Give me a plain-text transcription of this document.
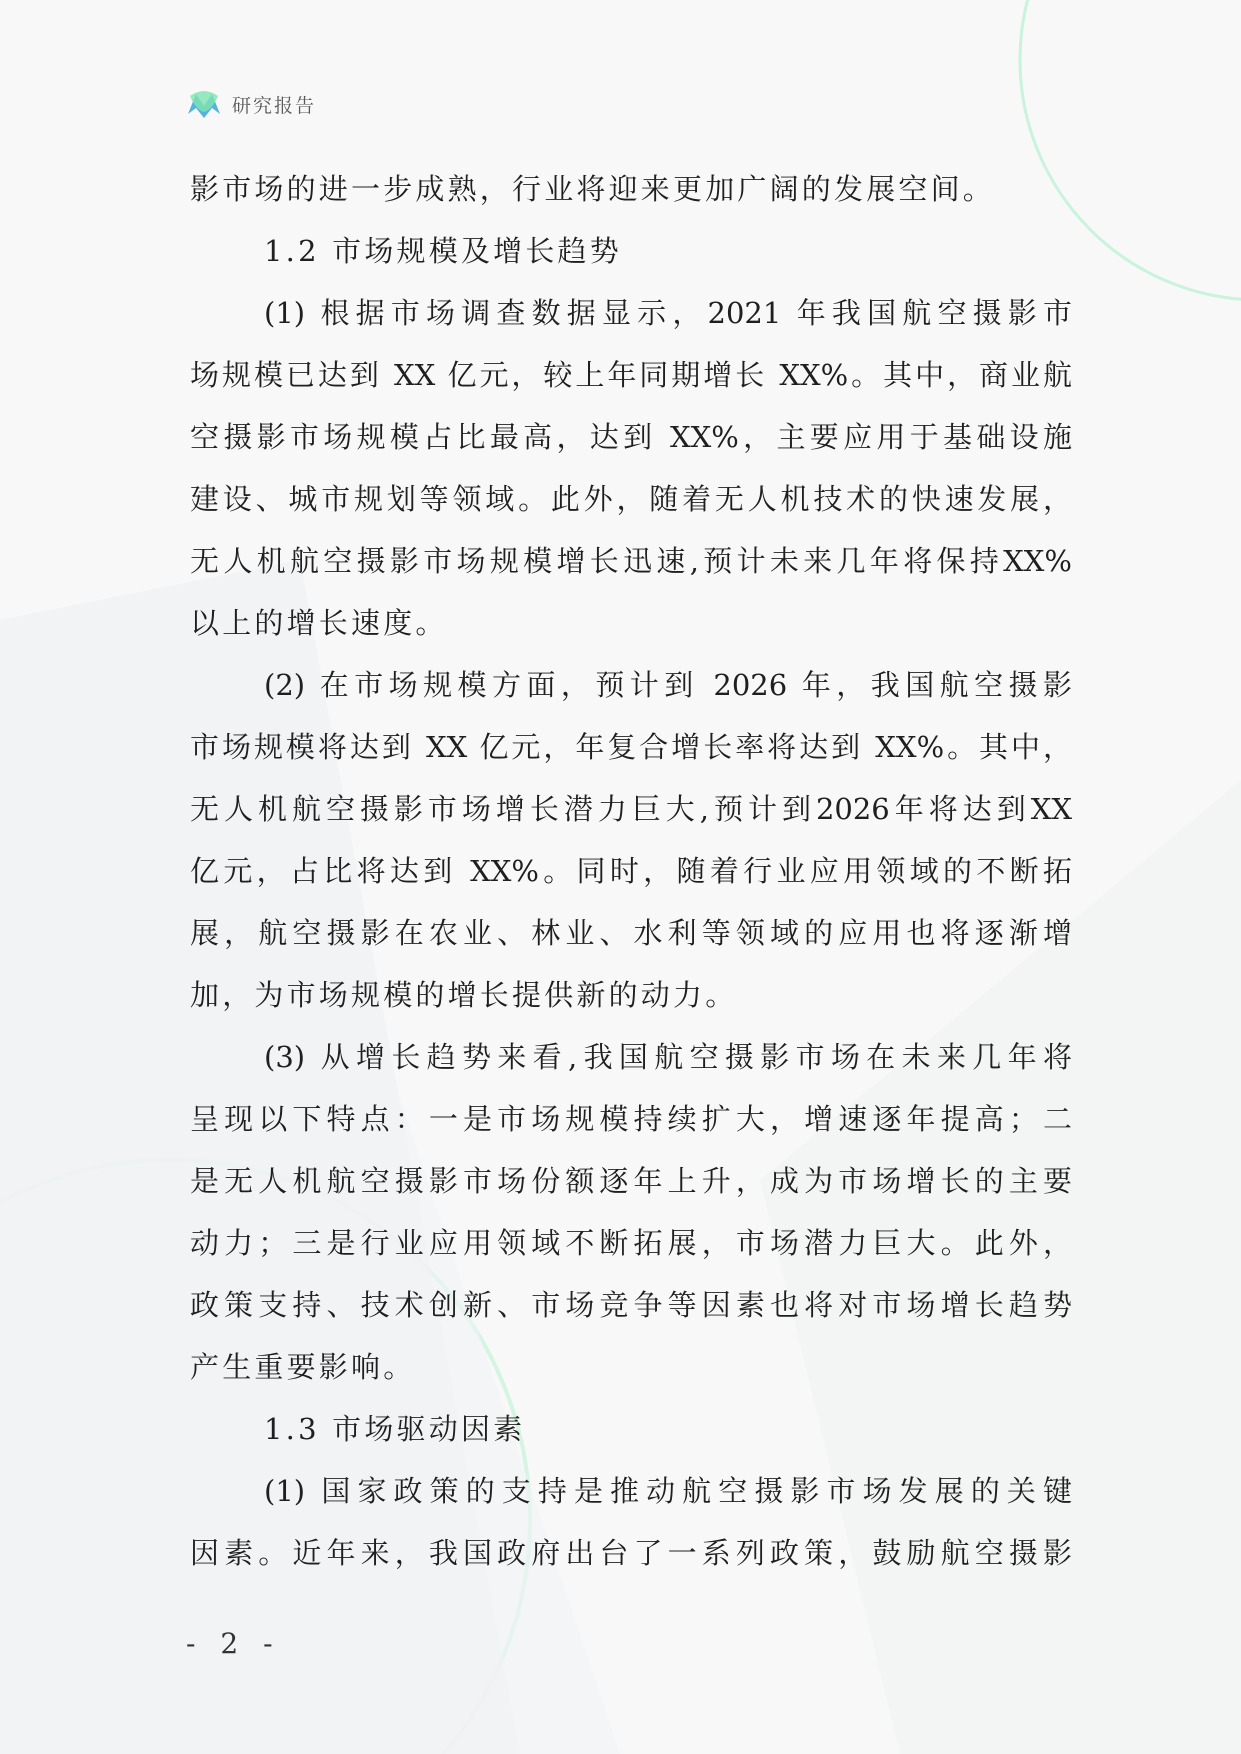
研究报告
影市场的进一步成熟，行业将迎来更加广阔的发展空间。
1.2 市场规模及增长趋势
(1) 根据市场调查数据显示，2021 年我国航空摄影市
场规模已达到 XX 亿元，较上年同期增长 XX%。其中，商业航
空摄影市场规模占比最高，达到 XX%，主要应用于基础设施
建设、城市规划等领域。此外，随着无人机技术的快速发展，
无人机航空摄影市场规模增长迅速,预计未来几年将保持XX%
以上的增长速度。
(2) 在市场规模方面，预计到 2026 年，我国航空摄影
市场规模将达到 XX 亿元，年复合增长率将达到 XX%。其中，
无人机航空摄影市场增长潜力巨大,预计到2026年将达到XX
亿元，占比将达到 XX%。同时，随着行业应用领域的不断拓
展，航空摄影在农业、林业、水利等领域的应用也将逐渐增
加，为市场规模的增长提供新的动力。
(3) 从增长趋势来看,我国航空摄影市场在未来几年将
呈现以下特点：一是市场规模持续扩大，增速逐年提高；二
是无人机航空摄影市场份额逐年上升，成为市场增长的主要
动力；三是行业应用领域不断拓展，市场潜力巨大。此外，
政策支持、技术创新、市场竞争等因素也将对市场增长趋势
产生重要影响。
1.3 市场驱动因素
(1) 国家政策的支持是推动航空摄影市场发展的关键
因素。近年来，我国政府出台了一系列政策，鼓励航空摄影
- 2 -
